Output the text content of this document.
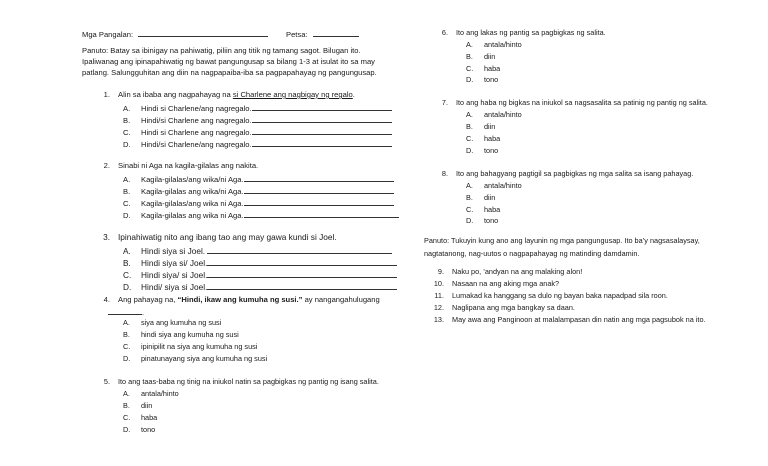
Mga Pangalan:	Petsa:
Panuto: Batay sa ibinigay na pahiwatig, piliin ang titik ng tamang sagot. Bilugan ito.
Ipaliwanag ang ipinapahiwatig ng bawat pangungusap sa bilang 1-3 at isulat ito sa may
patlang. Salungguhitan ang diin na nagpapaiba-iba sa pagpapahayag ng pangungusap.
1. Alin sa ibaba ang nagpahayag na si Charlene ang nagbigay ng regalo.
A. Hindi si Charlene/ang nagregalo.
B. Hindi/si Charlene ang nagregalo.
C. Hindi si Charlene ang nagregalo.
D. Hindi/si Charlene/ang nagregalo.
2. Sinabi ni Aga na kagila-gilalas ang nakita.
A. Kagila-gilalas/ang wika/ni Aga.
B. Kagila-gilalas ang wika/ni Aga.
C. Kagila-gilalas/ang wika ni Aga.
D. Kagila-gilalas ang wika ni Aga.
3. Ipinahiwatig nito ang ibang tao ang may gawa kundi si Joel.
A. Hindi siya si Joel.
B. Hindi siya si/ Joel.
C. Hindi siya/ si Joel.
D. Hindi/ siya si Joel.
4. Ang pahayag na, “Hindi, ikaw ang kumuha ng susi.” ay nangangahulugang
.
A. siya ang kumuha ng susi
B. hindi siya ang kumuha ng susi
C. ipinipilit na siya ang kumuha ng susi
D. pinatunayang siya ang kumuha ng susi
5. Ito ang taas-baba ng tinig na iniukol natin sa pagbigkas ng pantig ng isang salita.
A. antala/hinto
B. diin
C. haba
D. tono
6. Ito ang lakas ng pantig sa pagbigkas ng salita.
A. antala/hinto
B. diin
C. haba
D. tono
7. Ito ang haba ng bigkas na iniukol sa nagsasalita sa patinig ng pantig ng salita.
A. antala/hinto
B. diin
C. haba
D. tono
8. Ito ang bahagyang pagtigil sa pagbigkas ng mga salita sa isang pahayag.
A. antala/hinto
B. diin
C. haba
D. tono
Panuto: Tukuyin kung ano ang layunin ng mga pangungusap. Ito ba’y nagsasalaysay,
nagtatanong, nag-uutos o nagpapahayag ng matinding damdamin.
9. Naku po, ’andyan na ang malaking alon!
10. Nasaan na ang aking mga anak?
11. Lumakad ka hanggang sa dulo ng bayan baka napadpad sila roon.
12. Naglipana ang mga bangkay sa daan.
13. May awa ang Panginoon at malalampasan din natin ang mga pagsubok na ito.
